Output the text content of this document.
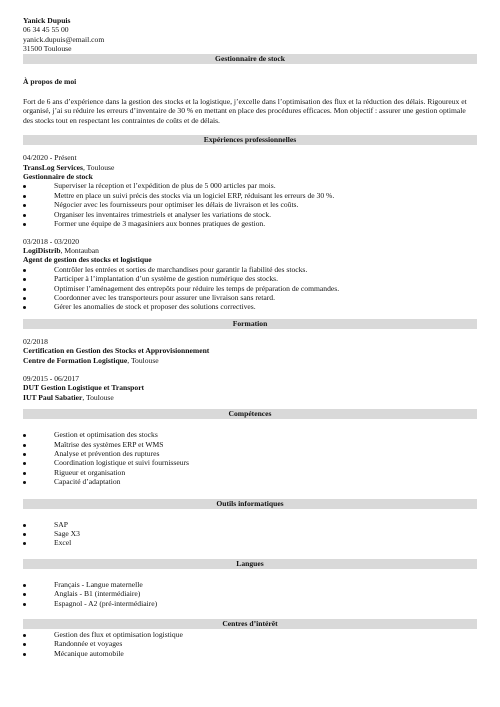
Yanick Dupuis
06 34 45 55 00
yanick.dupuis@email.com
31500 Toulouse
Gestionnaire de stock
À propos de moi
Fort de 6 ans d’expérience dans la gestion des stocks et la logistique, j’excelle dans l’optimisation des flux et la réduction des délais. Rigoureux et organisé, j’ai su réduire les erreurs d’inventaire de 30 % en mettant en place des procédures efficaces. Mon objectif : assurer une gestion optimale des stocks tout en respectant les contraintes de coûts et de délais.
Expériences professionnelles
04/2020 - Présent
TransLog Services, Toulouse
Gestionnaire de stock
Superviser la réception et l’expédition de plus de 5 000 articles par mois.
Mettre en place un suivi précis des stocks via un logiciel ERP, réduisant les erreurs de 30 %.
Négocier avec les fournisseurs pour optimiser les délais de livraison et les coûts.
Organiser les inventaires trimestriels et analyser les variations de stock.
Former une équipe de 3 magasiniers aux bonnes pratiques de gestion.
03/2018 - 03/2020
LogiDistrib, Montauban
Agent de gestion des stocks et logistique
Contrôler les entrées et sorties de marchandises pour garantir la fiabilité des stocks.
Participer à l’implantation d’un système de gestion numérique des stocks.
Optimiser l’aménagement des entrepôts pour réduire les temps de préparation de commandes.
Coordonner avec les transporteurs pour assurer une livraison sans retard.
Gérer les anomalies de stock et proposer des solutions correctives.
Formation
02/2018
Certification en Gestion des Stocks et Approvisionnement
Centre de Formation Logistique, Toulouse
09/2015 - 06/2017
DUT Gestion Logistique et Transport
IUT Paul Sabatier, Toulouse
Compétences
Gestion et optimisation des stocks
Maîtrise des systèmes ERP et WMS
Analyse et prévention des ruptures
Coordination logistique et suivi fournisseurs
Rigueur et organisation
Capacité d’adaptation
Outils informatiques
SAP
Sage X3
Excel
Langues
Français - Langue maternelle
Anglais - B1 (intermédiaire)
Espagnol - A2 (pré-intermédiaire)
Centres d’intérêt
Gestion des flux et optimisation logistique
Randonnée et voyages
Mécanique automobile
